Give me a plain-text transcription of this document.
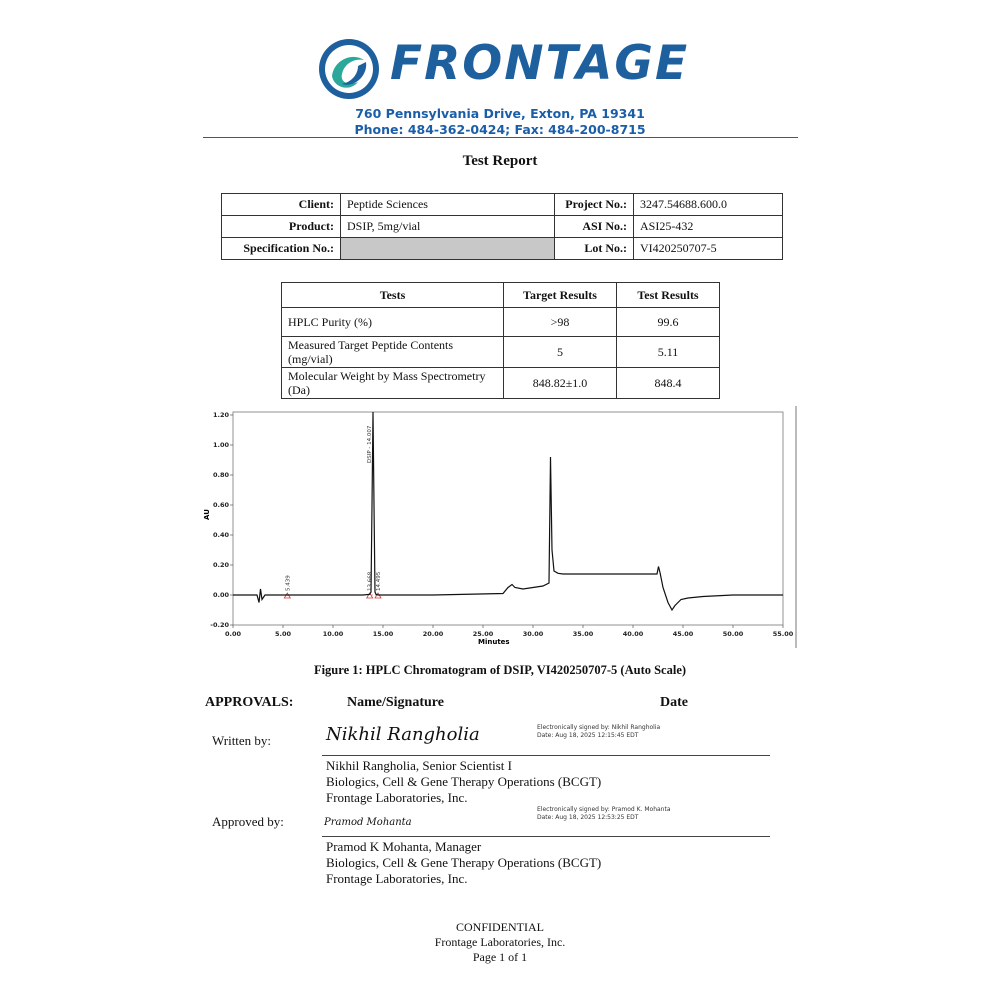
FRONTAGE
760 Pennsylvania Drive, Exton, PA 19341
Phone: 484-362-0424; Fax: 484-200-8715
Test Report
Client:	Peptide Sciences	Project No.:	3247.54688.600.0
Product:	DSIP, 5mg/vial	ASI No.:	ASI25-432
Specification No.:		Lot No.:	VI420250707-5
Tests	Target Results	Test Results
HPLC Purity (%)	>98	99.6
Measured Target Peptide Contents (mg/vial)	5	5.11
Molecular Weight by Mass Spectrometry (Da)	848.82±1.0	848.4
0.00	5.00	10.00	15.00	20.00	25.00	30.00	35.00	40.00	45.00	50.00	55.00
-0.20
0.00
0.20
0.40
0.60
0.80
1.00
1.20
5.439	13.668
DSIP - 14.007
14.495
AU
Minutes
Figure 1: HPLC Chromatogram of DSIP, VI420250707-5 (Auto Scale)
APPROVALS:	Name/Signature	Date
Written by:	Nikhil Rangholia	Electronically signed by: Nikhil Rangholia
Date: Aug 18, 2025 12:15:45 EDT
Nikhil Rangholia, Senior Scientist I
Biologics, Cell & Gene Therapy Operations (BCGT)
Frontage Laboratories, Inc.
Approved by:	Pramod Mohanta
Electronically signed by: Pramod K. Mohanta
Date: Aug 18, 2025 12:53:25 EDT
Pramod K Mohanta, Manager
Biologics, Cell & Gene Therapy Operations (BCGT)
Frontage Laboratories, Inc.
CONFIDENTIAL
Frontage Laboratories, Inc.
Page 1 of 1
